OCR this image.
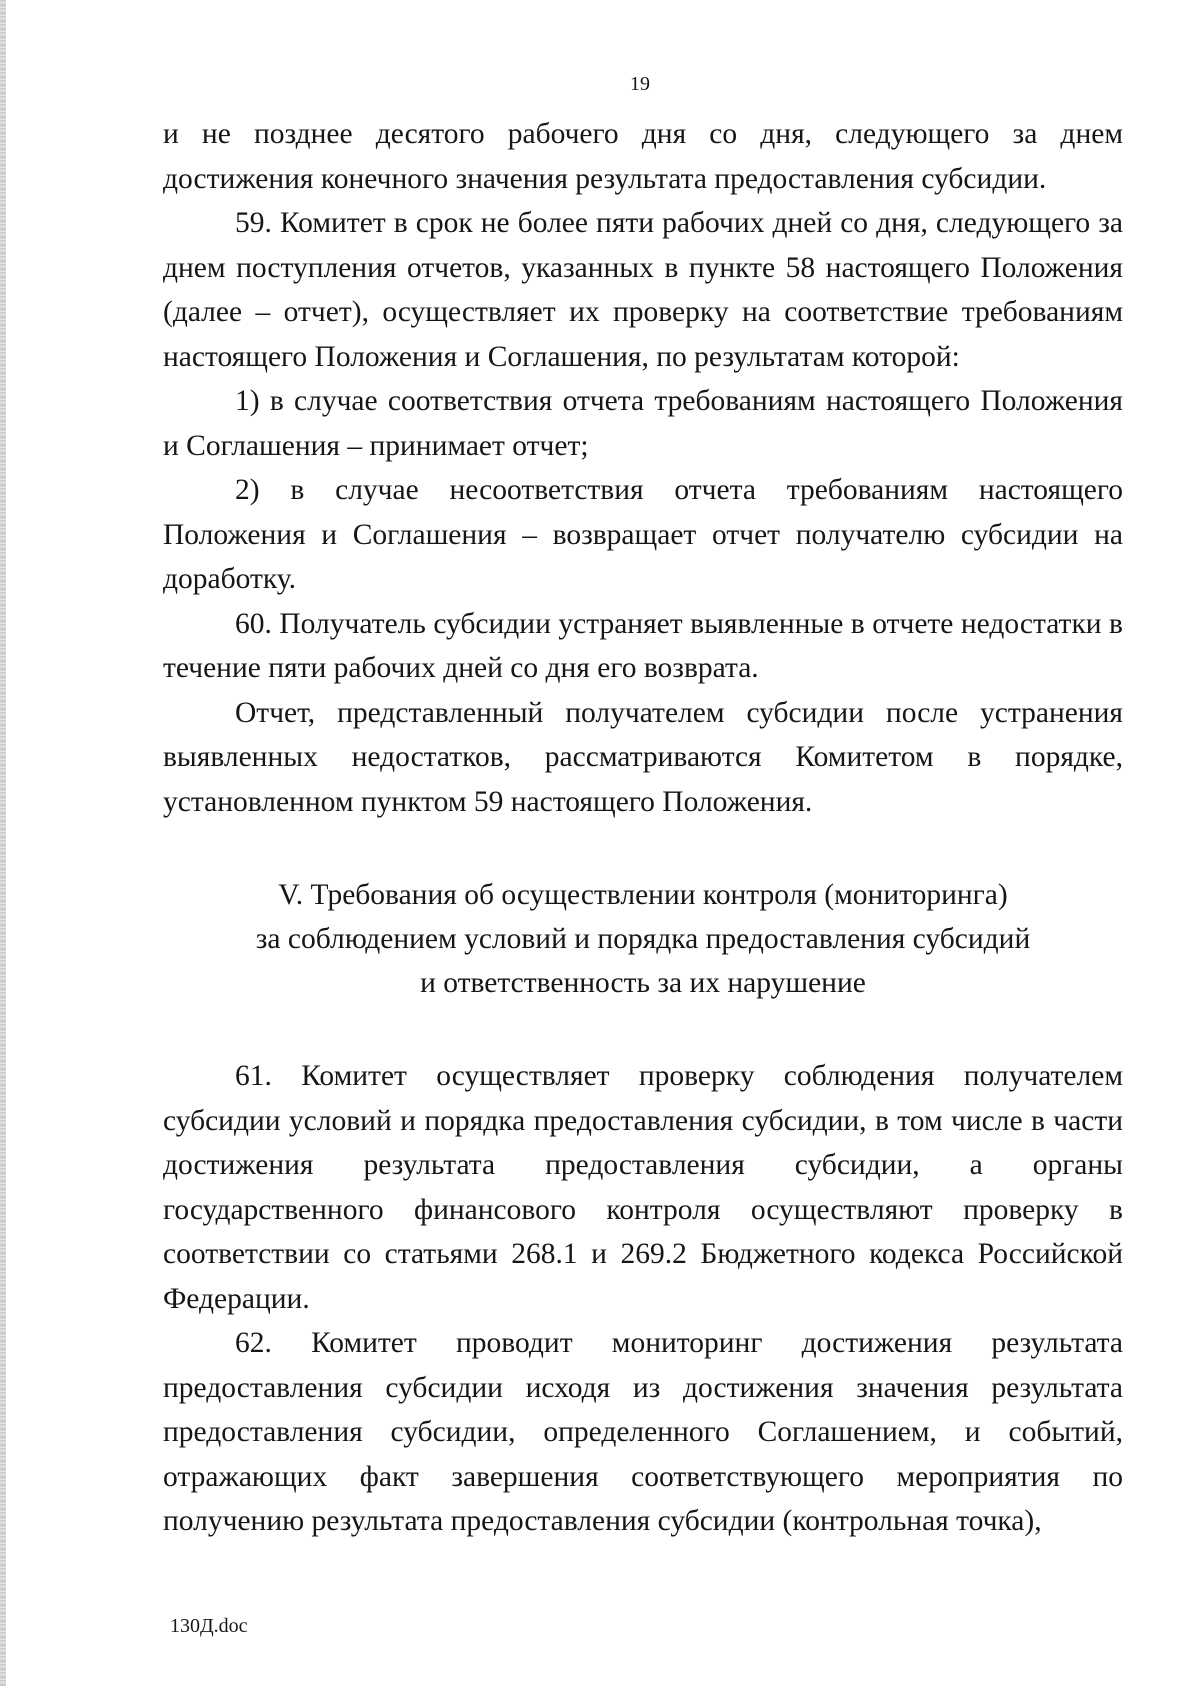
19

и не позднее десятого рабочего дня со дня, следующего за днем достижения конечного значения результата предоставления субсидии.

59. Комитет в срок не более пяти рабочих дней со дня, следующего за днем поступления отчетов, указанных в пункте 58 настоящего Положения (далее – отчет), осуществляет их проверку на соответствие требованиям настоящего Положения и Соглашения, по результатам которой:

1) в случае соответствия отчета требованиям настоящего Положения и Соглашения – принимает отчет;

2) в случае несоответствия отчета требованиям настоящего Положения и Соглашения – возвращает отчет получателю субсидии на доработку.

60. Получатель субсидии устраняет выявленные в отчете недостатки в течение пяти рабочих дней со дня его возврата.

Отчет, представленный получателем субсидии после устранения выявленных недостатков, рассматриваются Комитетом в порядке, установленном пунктом 59 настоящего Положения.

V. Требования об осуществлении контроля (мониторинга)
за соблюдением условий и порядка предоставления субсидий
и ответственность за их нарушение

61. Комитет осуществляет проверку соблюдения получателем субсидии условий и порядка предоставления субсидии, в том числе в части достижения результата предоставления субсидии, а органы государственного финансового контроля осуществляют проверку в соответствии со статьями 268.1 и 269.2 Бюджетного кодекса Российской Федерации.

62. Комитет проводит мониторинг достижения результата предоставления субсидии исходя из достижения значения результата предоставления субсидии, определенного Соглашением, и событий, отражающих факт завершения соответствующего мероприятия по получению результата предоставления субсидии (контрольная точка),

130Д.doc
